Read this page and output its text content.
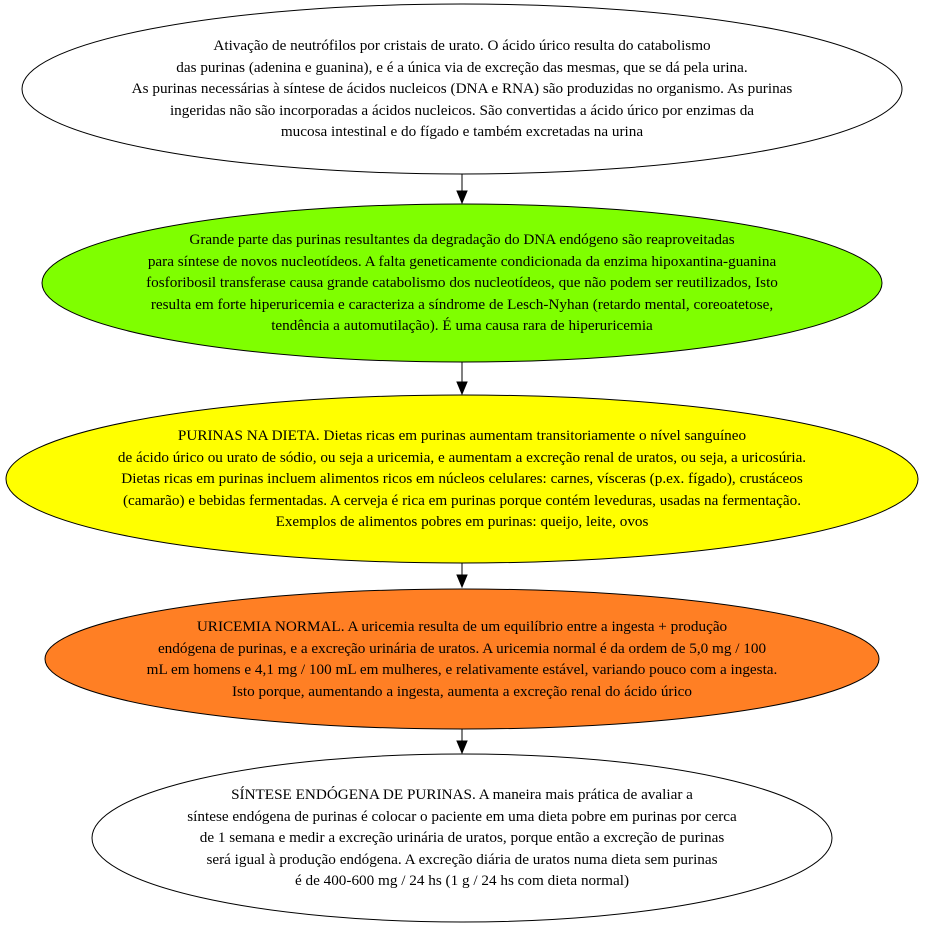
Ativação de neutrófilos por cristais de urato. O ácido úrico resulta do catabolismo
das purinas (adenina e guanina), e é a única via de excreção das mesmas, que se dá pela urina.
As purinas necessárias à síntese de ácidos nucleicos (DNA e RNA) são produzidas no organismo. As purinas
ingeridas não são incorporadas a ácidos nucleicos. São convertidas a ácido úrico por enzimas da
mucosa intestinal e do fígado e também excretadas na urina
Grande parte das purinas resultantes da degradação do DNA endógeno são reaproveitadas
para síntese de novos nucleotídeos. A falta geneticamente condicionada da enzima hipoxantina-guanina
fosforibosil transferase causa grande catabolismo dos nucleotídeos, que não podem ser reutilizados, Isto
resulta em forte hiperuricemia e caracteriza a síndrome de Lesch-Nyhan (retardo mental, coreoatetose,
tendência a automutilação). É uma causa rara de hiperuricemia
PURINAS NA DIETA. Dietas ricas em purinas aumentam transitoriamente o nível sanguíneo
de ácido úrico ou urato de sódio, ou seja a uricemia, e aumentam a excreção renal de uratos, ou seja, a uricosúria.
Dietas ricas em purinas incluem alimentos ricos em núcleos celulares: carnes, vísceras (p.ex. fígado), crustáceos
(camarão) e bebidas fermentadas. A cerveja é rica em purinas porque contém leveduras, usadas na fermentação.
Exemplos de alimentos pobres em purinas: queijo, leite, ovos
URICEMIA NORMAL. A uricemia resulta de um equilíbrio entre a ingesta + produção
endógena de purinas, e a excreção urinária de uratos. A uricemia normal é da ordem de 5,0 mg / 100
mL em homens e 4,1 mg / 100 mL em mulheres, e relativamente estável, variando pouco com a ingesta.
Isto porque, aumentando a ingesta, aumenta a excreção renal do ácido úrico
SÍNTESE ENDÓGENA DE PURINAS. A maneira mais prática de avaliar a
síntese endógena de purinas é colocar o paciente em uma dieta pobre em purinas por cerca
de 1 semana e medir a excreção urinária de uratos, porque então a excreção de purinas
será igual à produção endógena. A excreção diária de uratos numa dieta sem purinas
é de 400-600 mg / 24 hs (1 g / 24 hs com dieta normal)
